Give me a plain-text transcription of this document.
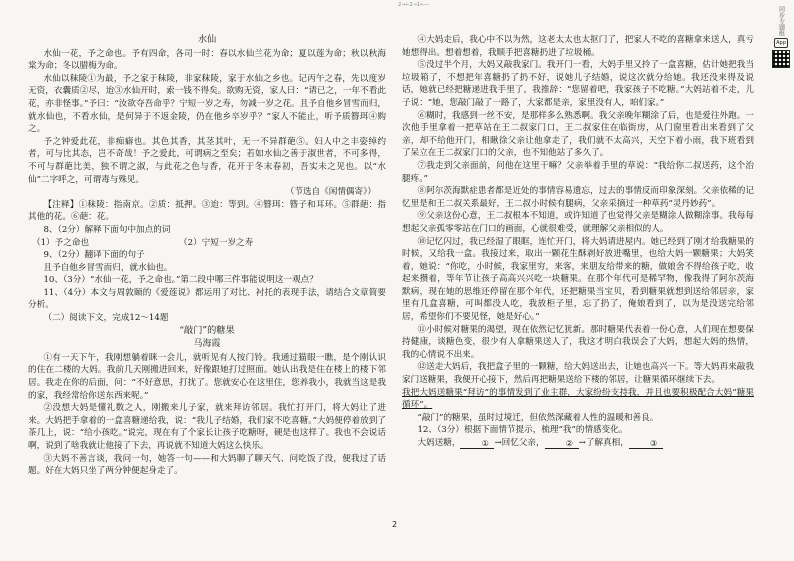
2→←2→1←—
同步专题组
App
水仙

水仙一花，予之命也。予有四命，各司一时：春以水仙兰花为命；夏以莲为命；秋以秋海棠为命；冬以腊梅为命。

水仙以秣陵①为最，予之家于秣陵，非家秣陵，家于水仙之乡也。记丙午之春，先以度岁无资，衣囊质②尽，迨③水仙开时，索一钱不得矣。欲购无资，家人曰：“请已之，一年不看此花，亦非怪事。”予曰：“汝欲夺吾命乎？宁短一岁之寿，勿减一岁之花。且予自他乡冒雪而归，就水仙也，不看水仙，是何异于不返金陵，仍在他乡卒岁乎？”家人不能止，听予质簪珥④购之。

予之钟爱此花，非痴癖也。其色其香，其茎其叶，无一不异群葩⑤。妇人中之丰姿绰约者，可与比其态，岂不奇哉！予之爱此，可谓病之至矣；若如水仙之善于淑世者，不可多得，不可与群葩比美，独不谓之淑，与此花之色与香，花开于冬末春初，吾实未之见也。以“水仙”二字呼之，可谓毒与殊见。

（节选自《闲情偶寄》）

【注释】①秣陵：指南京。②质：抵押。③迨：等到。④簪珥：簪子和耳环。⑤群葩：指其他的花。⑥葩：花。

8、（2分）解释下面句中加点的词

（1）予之命也	（2）宁短一岁之寿

9、（2分）翻译下面的句子

且予自他乡冒雪而归，就水仙也。

10、（3分）“水仙一花，予之命也。”第二段中哪三件事能说明这一观点？

11、（4分）本文与周敦颐的《爱莲说》都运用了对比、衬托的表现手法，请结合文章简要分析。

（二）阅读下文，完成12～14题

“敲门”的糖果
马海霞

①有一天下午，我刚想躺着眯一会儿，就听见有人按门铃。我通过猫眼一瞧，是个刚认识的住在二楼的大妈。我前几天刚搬进回来，好像跟她打过照面。她认出我是住在楼上的楼下邻居。我走在你的后面，问：“不好意思，打扰了。您就安心在这里住，您养我小，我就当这是我的家，我经常给你送东西来呢。”

②没想大妈是懂礼数之人，刚搬来儿子家，就来拜访邻居。我忙打开门，将大妈让了进来。大妈把手拿着的一盒喜糖递给我，说：“我儿子结婚，我们家不吃喜糖。”大妈便停着放到了茶几上，说：“给小孩吃。”说完，现在有了个家长让孩子吃糖呀，硬是也这样了。我也不会说话啊，说到了啥我就让他接了下去，再说就不知道大妈这么快乐。

③大妈不善言谈，我问一句，她答一句——和大妈聊了聊天气、问吃饭了没，便我过了话题。好在大妈只坐了两分钟便起身走了。

④大妈走后，我心中不以为然，这老太太也太抠门了，把家人不吃的喜糖拿来送人，真亏她想得出。想着想着，我顺手把喜糖扔进了垃圾桶。

⑤没过半个月，大妈又敲我家门。我开门一看，大妈手里又拎了一盒喜糖，估计她把我当垃圾箱了，不想把年喜糖扔了扔不好，说她儿子结婚，说这次就分给她。我还没来得及说话，她就已经把糖递进我手里了，我推辞：“您留着吧，我家孩子不吃糖。”大妈站着不走，儿子说：“她，您敲门敲了一路了，大家都是亲，家里没有人，咱们家。”

⑥糊时，我感到一丝不安，是那样多么熟悉啊。我父亲晚年糊涂了后，也是爱往外跑。一次他手里拿着一把草站在王二叔家门口，王二叔家住在临街房，从门窗里看出来看到了父亲，却不给他开门，相瞅徐父亲让他拿走了，我们就不太高兴，天空下着小雨，我下班看到了呆立在王二叔家门口的父亲，也不知他站了多久了。

⑦我走到父亲面前，问他在这里干嘛？父亲举着手里的草说：“我给你二叔送药，这个治腿疼。”

⑧阿尔茨海默症患者都是近处的事情容易遗忘，过去的事情反而印象深刻。父亲依稀的记忆里是和王二叔关系最好，王二叔小时候有腿病，父亲采摘过一种草药“灵丹妙药”。

⑨父亲这份心意，王二叔根本不知道，或许知道了也觉得父亲是糊涂人做糊涂事。我每每想起父亲孤零零站在门口的画面，心就很难受，就理解父亲相似的人。

⑩记忆闪过，我已经湿了眼眶，连忙开门，将大妈请进屋内。她已经到了刚才给我糖果的时候，又给我一盒。我接过来，取出一颗花生酥剥好放进嘴里，也给大妈一颗糖果；大妈笑着，她说：“你吃，小时候，我家里穷，来客，来朋友给带来的糖，做娘舍不得给孩子吃，收起来攒着，等年节让孩子高高兴兴吃一块糖果。在那个年代可是稀罕物，像我得了阿尔茨海默病，现在她的思维还停留在那个年代，还把糖果当宝贝，看到糖果就想到送给邻居亲，家里有几盒喜糖，可叫都没人吃，我放柜子里，忘了扔了，俺娘看到了，以为是没送完给邻居，希望你们不要见怪，她是好心。”

⑪小时候对糖果的渴望，现在依然记忆犹新。那时糖果代表着一份心意，人们现在想要保持健康，谈糖色变，很少有人拿糖果送人了，我这才明白我误会了大妈，想起大妈的热情，我的心情说不出来。

⑫送走大妈后，我把盒子里的一颗糖，给大妈送出去，让她也高兴一下。等大妈再来敲我家门送糖果，我便开心接下，然后再把糖果送给下楼的邻居，让糖果循环继续下去。

我把大妈送糖果“拜访”的事情发到了业主群，大家纷纷支持我，并且也要积极配合大妈“糖果循环”。

“敲门”的糖果，虽时过境迁，但依然深藏着人性的温暖和善良。

12、（3分）根据下面情节提示，梳理“我”的情感变化。

大妈送糖，	① →回忆父亲，	② →了解真相，	③

2
